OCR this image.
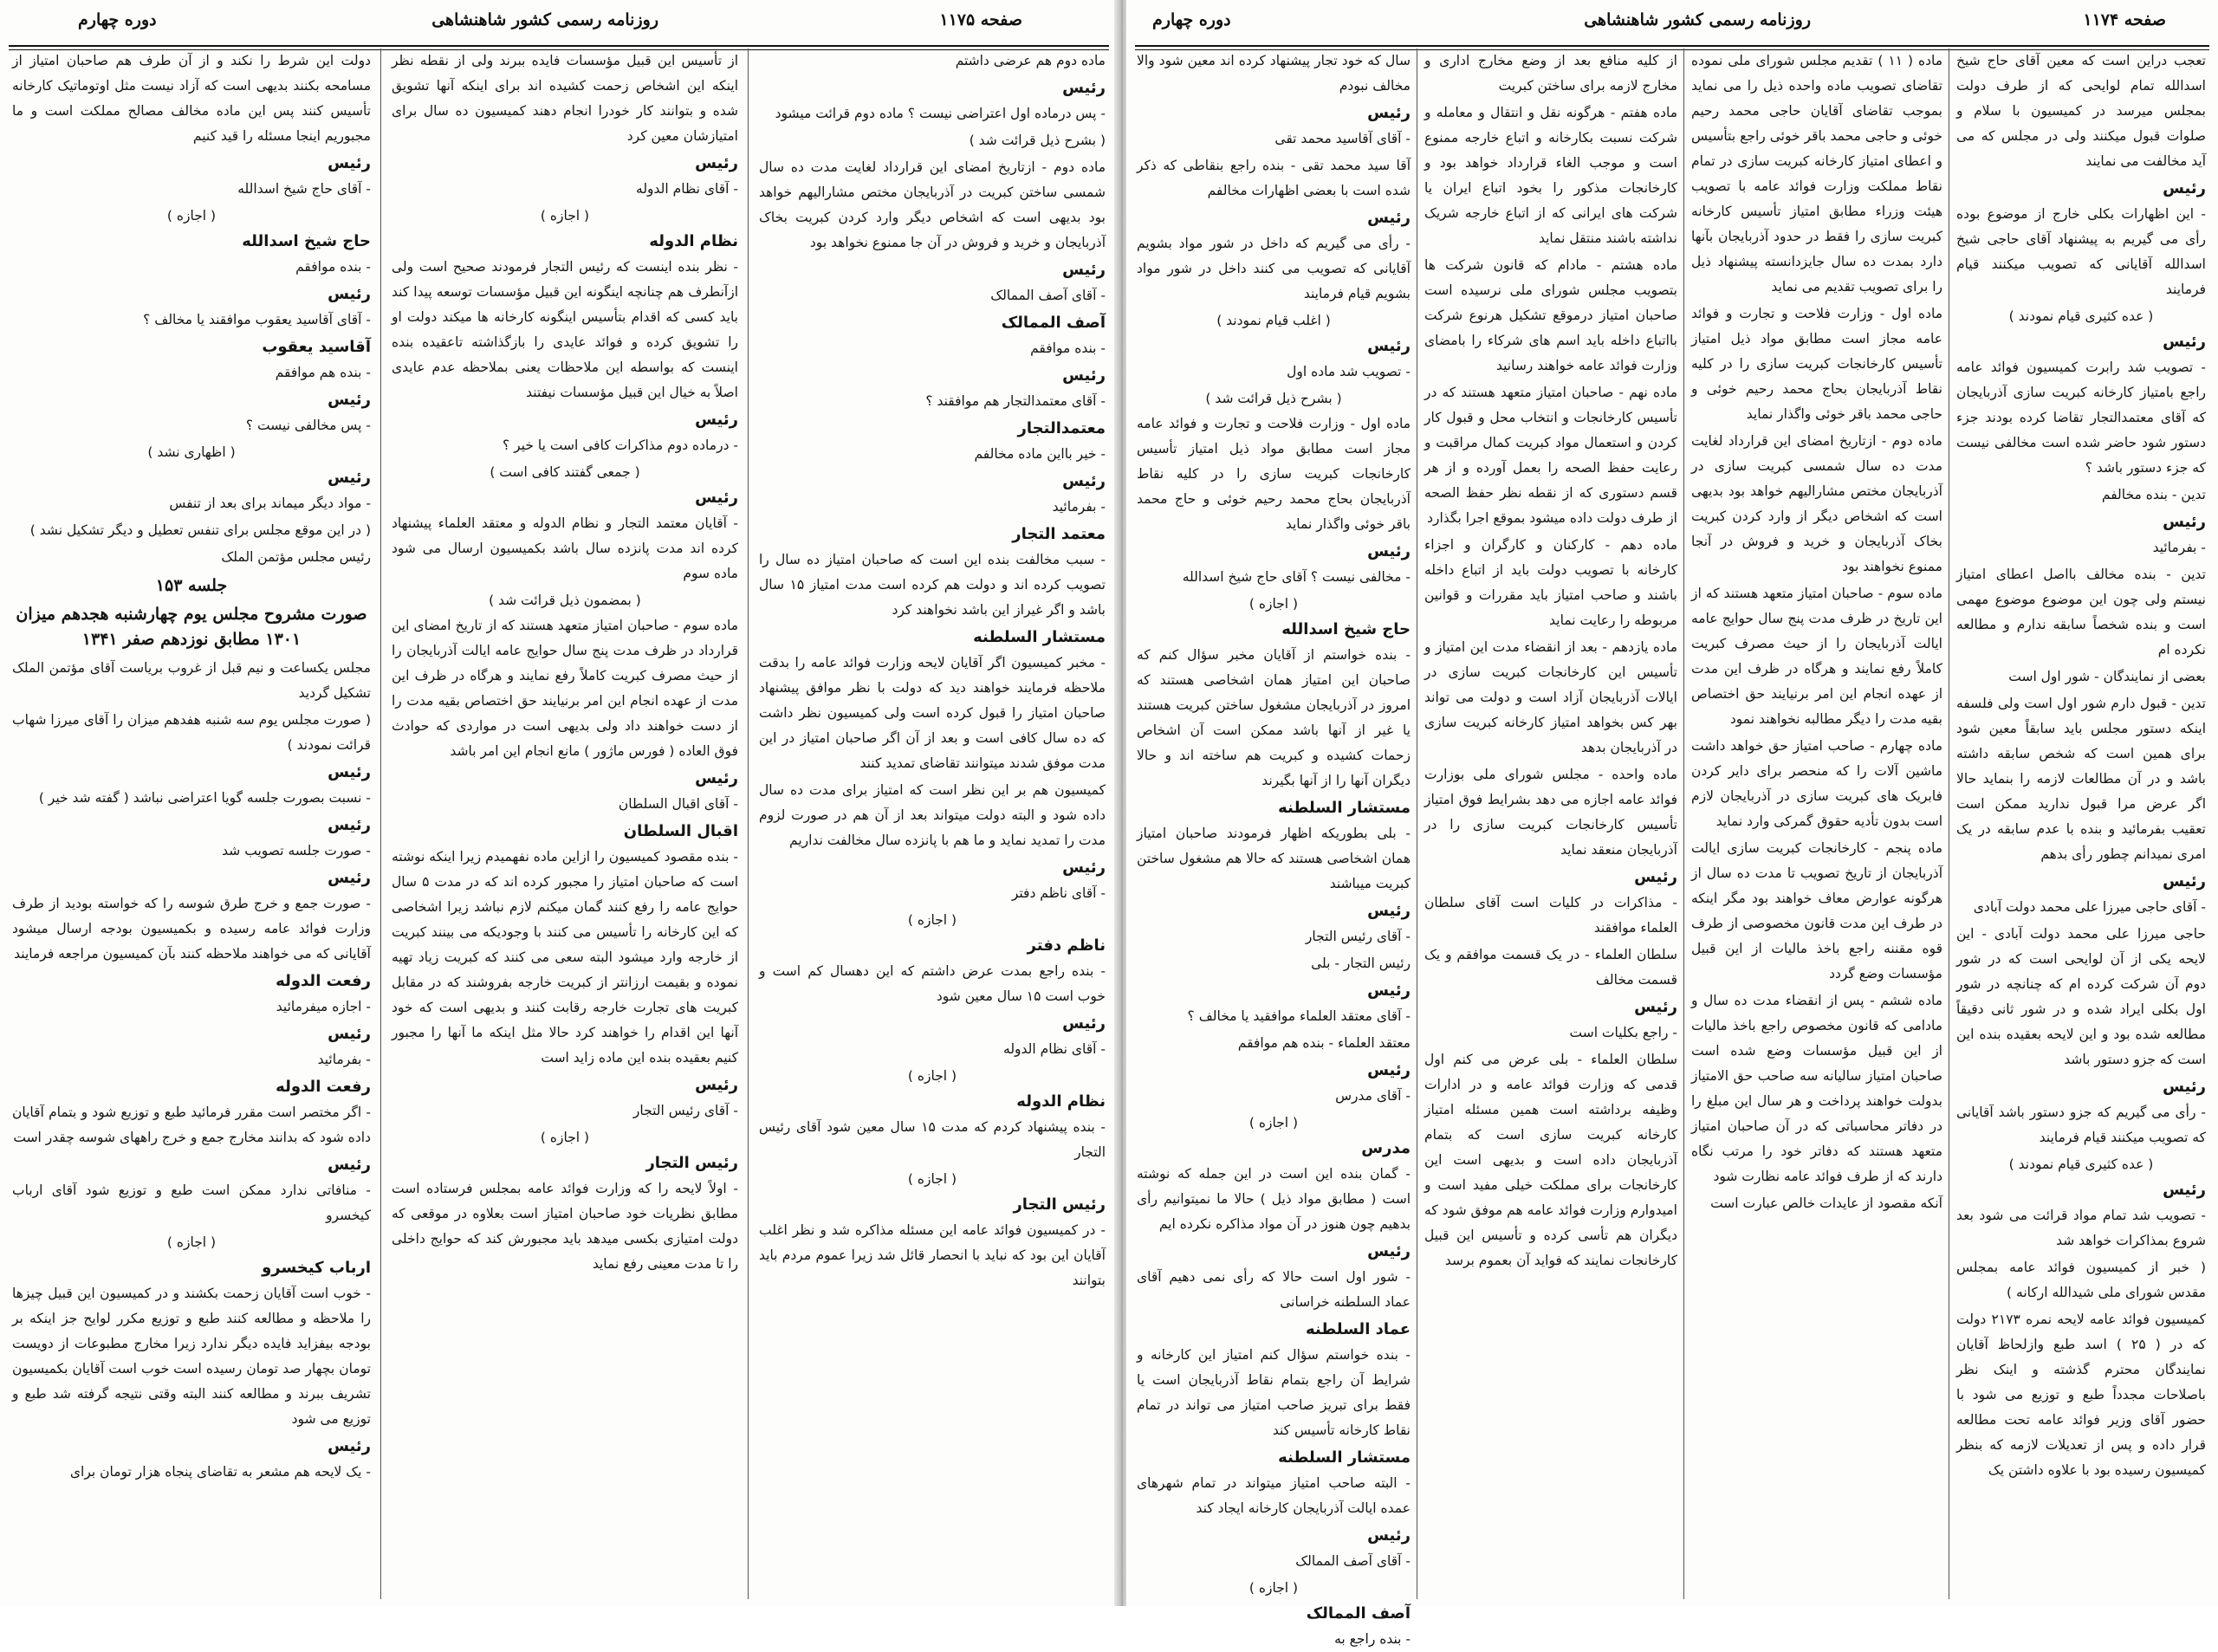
صفحه ۱۱۷۵
روزنامه رسمی کشور شاهنشاهی
دوره چهارم

ماده دوم هم عرضی داشتم

رئیس

- پس درماده اول اعتراضی نیست ؟ ماده دوم قرائت میشود

( بشرح ذیل قرائت شد )

ماده دوم - ازتاریخ امضای این قرارداد لغایت مدت ده سال شمسی ساختن کبریت در آذربایجان مختص مشارالیهم خواهد بود بدیهی است که اشخاص دیگر وارد کردن کبریت بخاک آذربایجان و خرید و فروش در آن جا ممنوع نخواهد بود

رئیس

- آقای آصف الممالک

آصف الممالک

- بنده موافقم

رئیس

- آقای معتمدالتجار هم موافقند ؟

معتمدالتجار

- خیر بااین ماده مخالفم

رئیس

- بفرمائید

معتمد التجار

- سبب مخالفت بنده این است که صاحبان امتیاز ده سال را تصویب کرده اند و دولت هم کرده است مدت امتیاز ۱۵ سال باشد و اگر غیراز این باشد نخواهند کرد

مستشار السلطنه

- مخبر کمیسیون اگر آقایان لایحه وزارت فوائد عامه را بدقت ملاحظه فرمایند خواهند دید که دولت با نظر موافق پیشنهاد صاحبان امتیاز را قبول کرده است ولی کمیسیون نظر داشت که ده سال کافی است و بعد از آن اگر صاحبان امتیاز در این مدت موفق شدند میتوانند تقاضای تمدید کنند

کمیسیون هم بر این نظر است که امتیاز برای مدت ده سال داده شود و البته دولت میتواند بعد از آن هم در صورت لزوم مدت را تمدید نماید و ما هم با پانزده سال مخالفت نداریم

رئیس

- آقای ناظم دفتر

( اجازه )

ناظم دفتر

- بنده راجع بمدت عرض داشتم که این دهسال کم است و خوب است ۱۵ سال معین شود

رئیس

- آقای نظام الدوله

( اجازه )

نظام الدوله

- بنده پیشنهاد کردم که مدت ۱۵ سال معین شود آقای رئیس التجار

( اجازه )

رئیس التجار

- در کمیسیون فوائد عامه این مسئله مذاکره شد و نظر اغلب آقایان این بود که نباید با انحصار قائل شد زیرا عموم مردم باید بتوانند

از تأسیس این قبیل مؤسسات فایده ببرند ولی از نقطه نظر اینکه این اشخاص زحمت کشیده اند برای اینکه آنها تشویق شده و بتوانند کار خودرا انجام دهند کمیسیون ده سال برای امتیازشان معین کرد

رئیس

- آقای نظام الدوله

( اجازه )

نظام الدوله

- نظر بنده اینست که رئیس التجار فرمودند صحیح است ولی ازآنطرف هم چنانچه اینگونه این قبیل مؤسسات توسعه پیدا کند باید کسی که اقدام بتأسیس اینگونه کارخانه ها میکند دولت او را تشویق کرده و فوائد عایدی را بازگذاشته تاعقیده بنده اینست که بواسطه این ملاحظات یعنی بملاحظه عدم عایدی اصلاً به خیال این قبیل مؤسسات نیفتند

رئیس

- درماده دوم مذاکرات کافی است یا خیر ؟

( جمعی گفتند کافی است )

رئیس

- آقایان معتمد التجار و نظام الدوله و معتقد العلماء پیشنهاد کرده اند مدت پانزده سال باشد بکمیسیون ارسال می شود ماده سوم

( بمضمون ذیل قرائت شد )

ماده سوم - صاحبان امتیاز متعهد هستند که از تاریخ امضای این قرارداد در ظرف مدت پنج سال حوایج عامه ایالت آذربایجان را از حیث مصرف کبریت کاملاً رفع نمایند و هرگاه در ظرف این مدت از عهده انجام این امر برنیایند حق اختصاص بقیه مدت را از دست خواهند داد ولی بدیهی است در مواردی که حوادث فوق العاده ( فورس ماژور ) مانع انجام این امر باشد

رئیس

- آقای اقبال السلطان

اقبال السلطان

- بنده مقصود کمیسیون را ازاین ماده نفهمیدم زیرا اینکه نوشته است که صاحبان امتیاز را مجبور کرده اند که در مدت ۵ سال حوایج عامه را رفع کنند گمان میکنم لازم نباشد زیرا اشخاصی که این کارخانه را تأسیس می کنند با وجودیکه می بینند کبریت از خارجه وارد میشود البته سعی می کنند که کبریت زیاد تهیه نموده و بقیمت ارزانتر از کبریت خارجه بفروشند که در مقابل کبریت های تجارت خارجه رقابت کنند و بدیهی است که خود آنها این اقدام را خواهند کرد حالا مثل اینکه ما آنها را مجبور کنیم بعقیده بنده این ماده زاید است

رئیس

- آقای رئیس التجار

( اجازه )

رئیس التجار

- اولاً لایحه را که وزارت فوائد عامه بمجلس فرستاده است مطابق نظریات خود صاحبان امتیاز است بعلاوه در موقعی که دولت امتیازی بکسی میدهد باید مجبورش کند که حوایج داخلی را تا مدت معینی رفع نماید

دولت این شرط را نکند و از آن طرف هم صاحبان امتیاز از مسامحه بکنند بدیهی است که آزاد نیست مثل اوتوماتیک کارخانه تأسیس کنند پس این ماده مخالف مصالح مملکت است و ما مجبوریم اینجا مسئله را قید کنیم

رئیس

- آقای حاج شیخ اسدالله

( اجازه )

حاج شیخ اسدالله

- بنده موافقم

رئیس

- آقای آقاسید یعقوب موافقند یا مخالف ؟

آقاسید یعقوب

- بنده هم موافقم

رئیس

- پس مخالفی نیست ؟

( اظهاری نشد )

رئیس

- مواد دیگر میماند برای بعد از تنفس

( در این موقع مجلس برای تنفس تعطیل و دیگر تشکیل نشد )

رئیس مجلس مؤتمن الملک

جلسه ۱۵۳

صورت مشروح مجلس یوم چهارشنبه هجدهم میزان ۱۳۰۱ مطابق نوزدهم صفر ۱۳۴۱

مجلس یکساعت و نیم قبل از غروب بریاست آقای مؤتمن الملک تشکیل گردید

( صورت مجلس یوم سه شنبه هفدهم میزان را آقای میرزا شهاب قرائت نمودند )

رئیس

- نسبت بصورت جلسه گویا اعتراضی نباشد ( گفته شد خیر )

رئیس

- صورت جلسه تصویب شد

رئیس

- صورت جمع و خرج طرق شوسه را که خواسته بودید از طرف وزارت فوائد عامه رسیده و بکمیسیون بودجه ارسال میشود آقایانی که می خواهند ملاحظه کنند بآن کمیسیون مراجعه فرمایند

رفعت الدوله

- اجازه میفرمائید

رئیس

- بفرمائید

رفعت الدوله

- اگر مختصر است مقرر فرمائید طبع و توزیع شود و بتمام آقایان داده شود که بدانند مخارج جمع و خرج راههای شوسه چقدر است

رئیس

- منافاتی ندارد ممکن است طبع و توزیع شود آقای ارباب کیخسرو

( اجازه )

ارباب کیخسرو

- خوب است آقایان زحمت بکشند و در کمیسیون این قبیل چیزها را ملاحظه و مطالعه کنند طبع و توزیع مکرر لوایح جز اینکه بر بودجه بیفزاید فایده دیگر ندارد زیرا مخارج مطبوعات از دویست تومان بچهار صد تومان رسیده است خوب است آقایان بکمیسیون تشریف ببرند و مطالعه کنند البته وقتی نتیجه گرفته شد طبع و توزیع می شود

رئیس

- یک لایحه هم مشعر به تقاضای پنجاه هزار تومان برای

صفحه ۱۱۷۴
روزنامه رسمی کشور شاهنشاهی
دوره چهارم

تعجب دراین است که معین آقای حاج شیخ اسدالله تمام لوایحی که از طرف دولت بمجلس میرسد در کمیسیون با سلام و صلوات قبول میکنند ولی در مجلس که می آید مخالفت می نمایند

رئیس

- این اظهارات بکلی خارج از موضوع بوده رأی می گیریم به پیشنهاد آقای حاجی شیخ اسدالله آقایانی که تصویب میکنند قیام فرمایند

( عده کثیری قیام نمودند )

رئیس

- تصویب شد رابرت کمیسیون فوائد عامه راجع بامتیاز کارخانه کبریت سازی آذربایجان که آقای معتمدالتجار تقاضا کرده بودند جزء دستور شود حاضر شده است مخالفی نیست که جزء دستور باشد ؟

تدین - بنده مخالفم

رئیس

- بفرمائید

تدین - بنده مخالف بااصل اعطای امتیاز نیستم ولی چون این موضوع موضوع مهمی است و بنده شخصاً سابقه ندارم و مطالعه نکرده ام

بعضی از نمایندگان - شور اول است

تدین - قبول دارم شور اول است ولی فلسفه اینکه دستور مجلس باید سابقاً معین شود برای همین است که شخص سابقه داشته باشد و در آن مطالعات لازمه را بنماید حالا اگر عرض مرا قبول ندارید ممکن است تعقیب بفرمائید و بنده با عدم سابقه در یک امری نمیدانم چطور رأی بدهم

رئیس

- آقای حاجی میرزا علی محمد دولت آبادی

حاجی میرزا علی محمد دولت آبادی - این لایحه یکی از آن لوایحی است که در شور دوم آن شرکت کرده ام که چنانچه در شور اول بکلی ایراد شده و در شور ثانی دقیقاً مطالعه شده بود و این لایحه بعقیده بنده این است که جزو دستور باشد

رئیس

- رأی می گیریم که جزو دستور باشد آقایانی که تصویب میکنند قیام فرمایند

( عده کثیری قیام نمودند )

رئیس

- تصویب شد تمام مواد قرائت می شود بعد شروع بمذاکرات خواهد شد

( خبر از کمیسیون فوائد عامه بمجلس مقدس شورای ملی شیدالله ارکانه )

کمیسیون فوائد عامه لایحه نمره ۲۱۷۳ دولت که در ( ۲۵ ) اسد طبع وازلحاظ آقایان نمایندگان محترم گذشته و اینک نظر باصلاحات مجدداً طبع و توزیع می شود با حضور آقای وزیر فوائد عامه تحت مطالعه قرار داده و پس از تعدیلات لازمه که بنظر کمیسیون رسیده بود با علاوه داشتن یک

ماده ( ۱۱ ) تقدیم مجلس شورای ملی نموده تقاضای تصویب ماده واحده ذیل را می نماید بموجب تقاضای آقایان حاجی محمد رحیم خوئی و حاجی محمد باقر خوئی راجع بتأسیس و اعطای امتیاز کارخانه کبریت سازی در تمام نقاط مملکت وزارت فوائد عامه با تصویب هیئت وزراء مطابق امتیاز تأسیس کارخانه کبریت سازی را فقط در حدود آذربایجان بآنها دارد بمدت ده سال جایزدانسته پیشنهاد ذیل را برای تصویب تقدیم می نماید

ماده اول - وزارت فلاحت و تجارت و فوائد عامه مجاز است مطابق مواد ذیل امتیاز تأسیس کارخانجات کبریت سازی را در کلیه نقاط آذربایجان بحاج محمد رحیم خوئی و حاجی محمد باقر خوئی واگذار نماید

ماده دوم - ازتاریخ امضای این قرارداد لغایت مدت ده سال شمسی کبریت سازی در آذربایجان مختص مشارالیهم خواهد بود بدیهی است که اشخاص دیگر از وارد کردن کبریت بخاک آذربایجان و خرید و فروش در آنجا ممنوع نخواهند بود

ماده سوم - صاحبان امتیاز متعهد هستند که از این تاریخ در ظرف مدت پنج سال حوایج عامه ایالت آذربایجان را از حیث مصرف کبریت کاملاً رفع نمایند و هرگاه در ظرف این مدت از عهده انجام این امر برنیایند حق اختصاص بقیه مدت را دیگر مطالبه نخواهند نمود

ماده چهارم - صاحب امتیاز حق خواهد داشت ماشین آلات را که منحصر برای دایر کردن فابریک های کبریت سازی در آذربایجان لازم است بدون تأدیه حقوق گمرکی وارد نماید

ماده پنجم - کارخانجات کبریت سازی ایالت آذربایجان از تاریخ تصویب تا مدت ده سال از هرگونه عوارض معاف خواهند بود مگر اینکه در طرف این مدت قانون مخصوصی از طرف قوه مقننه راجع باخذ مالیات از این قبیل مؤسسات وضع گردد

ماده ششم - پس از انقضاء مدت ده سال و مادامی که قانون مخصوص راجع باخذ مالیات از این قبیل مؤسسات وضع شده است صاحبان امتیاز سالیانه سه صاحب حق الامتیاز بدولت خواهند پرداخت و هر سال این مبلغ را در دفاتر محاسباتی که در آن صاحبان امتیاز متعهد هستند که دفاتر خود را مرتب نگاه دارند که از طرف فوائد عامه نظارت شود

آنکه مقصود از عایدات خالص عبارت است

از کلیه منافع بعد از وضع مخارج اداری و مخارج لازمه برای ساختن کبریت

ماده هفتم - هرگونه نقل و انتقال و معامله و شرکت نسبت بکارخانه و اتباع خارجه ممنوع است و موجب الغاء قرارداد خواهد بود و کارخانجات مذکور را بخود اتباع ایران یا شرکت های ایرانی که از اتباع خارجه شریک نداشته باشند منتقل نماید

ماده هشتم - مادام که قانون شرکت ها بتصویب مجلس شورای ملی نرسیده است صاحبان امتیاز درموقع تشکیل هرنوع شرکت بااتباع داخله باید اسم های شرکاء را بامضای وزارت فوائد عامه خواهند رسانید

ماده نهم - صاحبان امتیاز متعهد هستند که در تأسیس کارخانجات و انتخاب محل و قبول کار کردن و استعمال مواد کبریت کمال مراقبت و رعایت حفظ الصحه را بعمل آورده و از هر قسم دستوری که از نقطه نظر حفظ الصحه از طرف دولت داده میشود بموقع اجرا بگذارد

ماده دهم - کارکنان و کارگران و اجزاء کارخانه با تصویب دولت باید از اتباع داخله باشند و صاحب امتیاز باید مقررات و قوانین مربوطه را رعایت نماید

ماده یازدهم - بعد از انقضاء مدت این امتیاز و تأسیس این کارخانجات کبریت سازی در ایالات آذربایجان آزاد است و دولت می تواند بهر کس بخواهد امتیاز کارخانه کبریت سازی در آذربایجان بدهد

ماده واحده - مجلس شورای ملی بوزارت فوائد عامه اجازه می دهد بشرایط فوق امتیاز تأسیس کارخانجات کبریت سازی را در آذربایجان منعقد نماید

رئیس

- مذاکرات در کلیات است آقای سلطان العلماء موافقند

سلطان العلماء - در یک قسمت موافقم و یک قسمت مخالف

رئیس

- راجع بکلیات است

سلطان العلماء - بلی عرض می کنم اول قدمی که وزارت فوائد عامه و در ادارات وظیفه برداشته است همین مسئله امتیاز کارخانه کبریت سازی است که بتمام آذربایجان داده است و بدیهی است این کارخانجات برای مملکت خیلی مفید است و امیدوارم وزارت فوائد عامه هم موفق شود که دیگران هم تأسی کرده و تأسیس این قبیل کارخانجات نمایند که فواید آن بعموم برسد

سال که خود تجار پیشنهاد کرده اند معین شود والا مخالف نبودم

رئیس

- آقای آقاسید محمد تقی

آقا سید محمد تقی - بنده راجع بنقاطی که ذکر شده است با بعضی اظهارات مخالفم

رئیس

- رأی می گیریم که داخل در شور مواد بشویم آقایانی که تصویب می کنند داخل در شور مواد بشویم قیام فرمایند

( اغلب قیام نمودند )

رئیس

- تصویب شد ماده اول

( بشرح ذیل قرائت شد )

ماده اول - وزارت فلاحت و تجارت و فوائد عامه مجاز است مطابق مواد ذیل امتیاز تأسیس کارخانجات کبریت سازی را در کلیه نقاط آذربایجان بحاج محمد رحیم خوئی و حاج محمد باقر خوئی واگذار نماید

رئیس

- مخالفی نیست ؟ آقای حاج شیخ اسدالله

( اجازه )

حاج شیخ اسدالله

- بنده خواستم از آقایان مخبر سؤال کنم که صاحبان این امتیاز همان اشخاصی هستند که امروز در آذربایجان مشغول ساختن کبریت هستند یا غیر از آنها باشد ممکن است آن اشخاص زحمات کشیده و کبریت هم ساخته اند و حالا دیگران آنها را از آنها بگیرند

مستشار السلطنه

- بلی بطوریکه اظهار فرمودند صاحبان امتیاز همان اشخاصی هستند که حالا هم مشغول ساختن کبریت میباشند

رئیس

- آقای رئیس التجار

رئیس التجار - بلی

رئیس

- آقای معتقد العلماء موافقید یا مخالف ؟

معتقد العلماء - بنده هم موافقم

رئیس

- آقای مدرس

( اجازه )

مدرس

- گمان بنده این است در این جمله که نوشته است ( مطابق مواد ذیل ) حالا ما نمیتوانیم رأی بدهیم چون هنوز در آن مواد مذاکره نکرده ایم

رئیس

- شور اول است حالا که رأی نمی دهیم آقای عماد السلطنه خراسانی

عماد السلطنه

- بنده خواستم سؤال کنم امتیاز این کارخانه و شرایط آن راجع بتمام نقاط آذربایجان است یا فقط برای تبریز صاحب امتیاز می تواند در تمام نقاط کارخانه تأسیس کند

مستشار السلطنه

- البته صاحب امتیاز میتواند در تمام شهرهای عمده ایالت آذربایجان کارخانه ایجاد کند

رئیس

- آقای آصف الممالک

( اجازه )

آصف الممالک

- بنده راجع به
